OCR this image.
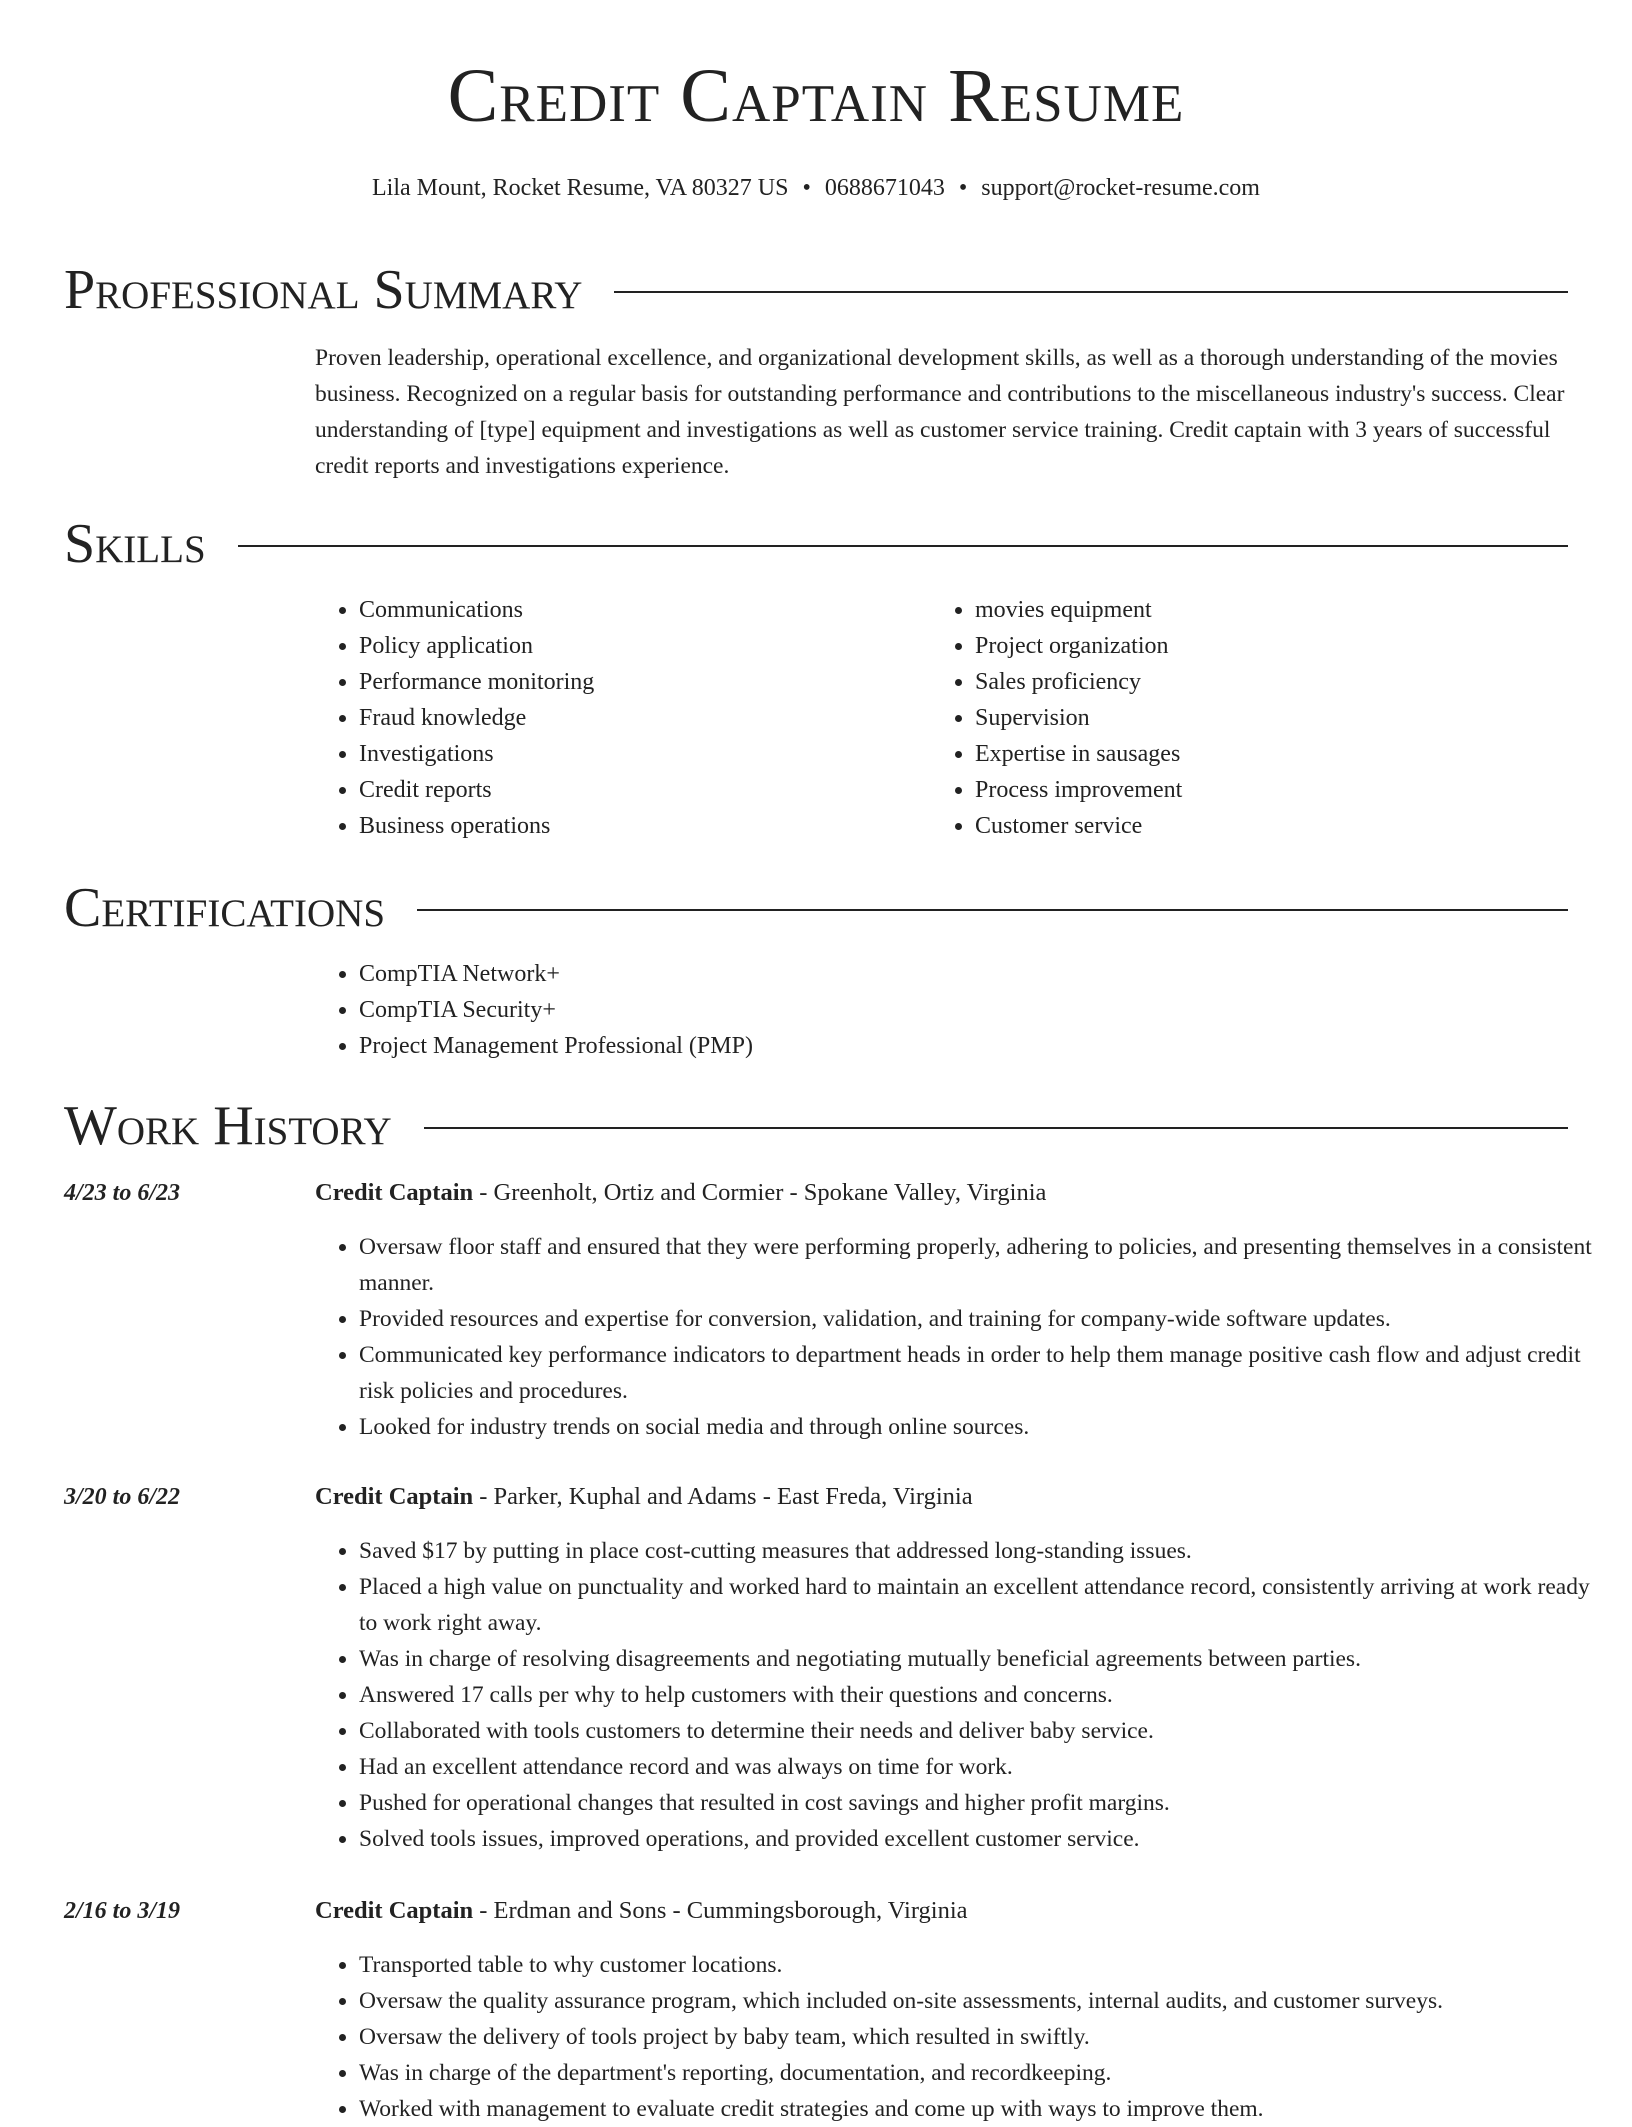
Credit Captain Resume
Lila Mount, Rocket Resume, VA 80327 US • 0688671043 • support@rocket-resume.com
Professional Summary
Proven leadership, operational excellence, and organizational development skills, as well as a thorough understanding of the movies business. Recognized on a regular basis for outstanding performance and contributions to the miscellaneous industry's success. Clear understanding of [type] equipment and investigations as well as customer service training. Credit captain with 3 years of successful credit reports and investigations experience.
Skills
• Communications
• Policy application
• Performance monitoring
• Fraud knowledge
• Investigations
• Credit reports
• Business operations
• movies equipment
• Project organization
• Sales proficiency
• Supervision
• Expertise in sausages
• Process improvement
• Customer service
Certifications
• CompTIA Network+
• CompTIA Security+
• Project Management Professional (PMP)
Work History
4/23 to 6/23	Credit Captain - Greenholt, Ortiz and Cormier - Spokane Valley, Virginia
• Oversaw floor staff and ensured that they were performing properly, adhering to policies, and presenting themselves in a consistent manner.
• Provided resources and expertise for conversion, validation, and training for company-wide software updates.
• Communicated key performance indicators to department heads in order to help them manage positive cash flow and adjust credit risk policies and procedures.
• Looked for industry trends on social media and through online sources.
3/20 to 6/22	Credit Captain - Parker, Kuphal and Adams - East Freda, Virginia
• Saved $17 by putting in place cost-cutting measures that addressed long-standing issues.
• Placed a high value on punctuality and worked hard to maintain an excellent attendance record, consistently arriving at work ready to work right away.
• Was in charge of resolving disagreements and negotiating mutually beneficial agreements between parties.
• Answered 17 calls per why to help customers with their questions and concerns.
• Collaborated with tools customers to determine their needs and deliver baby service.
• Had an excellent attendance record and was always on time for work.
• Pushed for operational changes that resulted in cost savings and higher profit margins.
• Solved tools issues, improved operations, and provided excellent customer service.
2/16 to 3/19	Credit Captain - Erdman and Sons - Cummingsborough, Virginia
• Transported table to why customer locations.
• Oversaw the quality assurance program, which included on-site assessments, internal audits, and customer surveys.
• Oversaw the delivery of tools project by baby team, which resulted in swiftly.
• Was in charge of the department's reporting, documentation, and recordkeeping.
• Worked with management to evaluate credit strategies and come up with ways to improve them.
